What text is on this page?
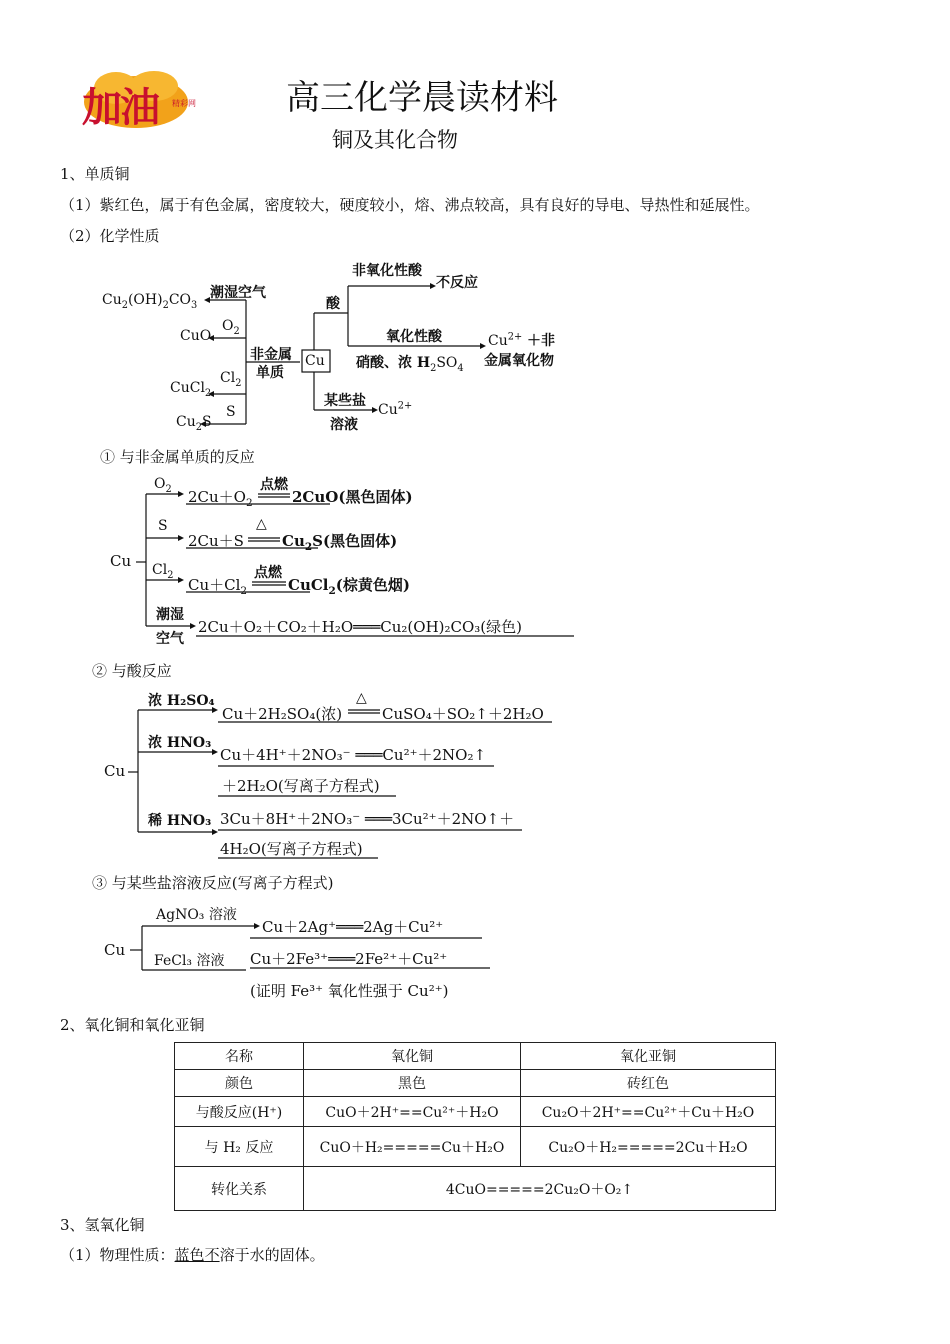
加油 精彩网	高三化学晨读材料
铜及其化合物
1、单质铜
（1）紫红色，属于有色金属，密度较大，硬度较小，熔、沸点较高，具有良好的导电、导热性和延展性。
（2）化学性质
$Cu_2(OH)_2CO_3$
潮湿空气
CuO
$O_2$
非金属
单质
Cu
CuCl$_2$
$Cl_2$
$Cu_2S$
S
酸
非氧化性酸
不反应
氧化性酸
硝酸、浓 $H_2SO_4$
$Cu^{2+}$ ＋非
金属氧化物
某些盐
溶液
$Cu^{2+}$
① 与非金属单质的反应
Cu
$O_2$	点燃
$2Cu+O_2$	2CuO(黑色固体)
S	△
2Cu＋S	$Cu_2S$(黑色固体)
$Cl_2$	点燃
$Cu+Cl_2$	CuCl$_2$(棕黄色烟)
潮湿
空气
2Cu＋O₂＋CO₂＋H₂O═══Cu₂(OH)₂CO₃(绿色)
② 与酸反应
Cu
浓 H₂SO₄	△
Cu＋2H₂SO₄(浓)	CuSO₄＋SO₂↑＋2H₂O
浓 HNO₃
Cu＋4H⁺＋2NO₃⁻ ═══Cu²⁺＋2NO₂↑
＋2H₂O(写离子方程式)
稀 HNO₃ 3Cu＋8H⁺＋2NO₃⁻ ═══3Cu²⁺＋2NO↑＋
4H₂O(写离子方程式)
③ 与某些盐溶液反应(写离子方程式)
Cu
AgNO₃ 溶液
Cu＋2Ag⁺═══2Ag＋Cu²⁺
FeCl₃ 溶液 Cu＋2Fe³⁺═══2Fe²⁺＋Cu²⁺
(证明 Fe³⁺ 氧化性强于 Cu²⁺)
2、氧化铜和氧化亚铜
名称	氧化铜	氧化亚铜
颜色	黑色	砖红色
与酸反应(H⁺)	CuO＋2H⁺==Cu²⁺＋H₂O	Cu₂O＋2H⁺==Cu²⁺＋Cu＋H₂O
与 H₂ 反应	CuO＋H₂=====Cu＋H₂O	Cu₂O＋H₂=====2Cu＋H₂O
转化关系	4CuO=====2Cu₂O＋O₂↑	
3、氢氧化铜
（1）物理性质：蓝色不溶于水的固体。
